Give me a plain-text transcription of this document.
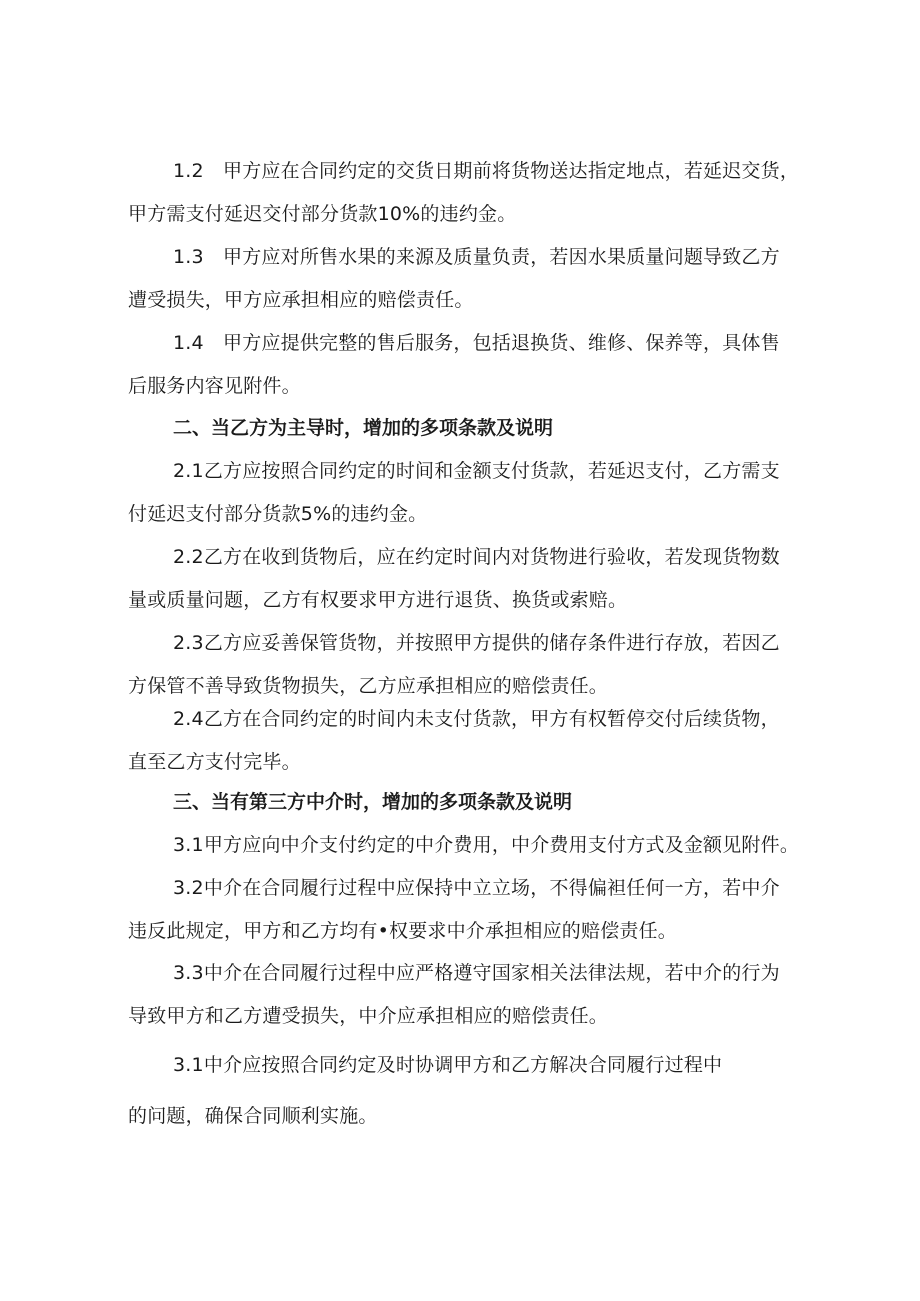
1.2　甲方应在合同约定的交货日期前将货物送达指定地点，若延迟交货，
甲方需支付延迟交付部分货款10%的违约金。
1.3　甲方应对所售水果的来源及质量负责，若因水果质量问题导致乙方
遭受损失，甲方应承担相应的赔偿责任。
1.4　甲方应提供完整的售后服务，包括退换货、维修、保养等，具体售
后服务内容见附件。
二、当乙方为主导时，增加的多项条款及说明
2.1乙方应按照合同约定的时间和金额支付货款，若延迟支付，乙方需支
付延迟支付部分货款5%的违约金。
2.2乙方在收到货物后，应在约定时间内对货物进行验收，若发现货物数
量或质量问题，乙方有权要求甲方进行退货、换货或索赔。
2.3乙方应妥善保管货物，并按照甲方提供的储存条件进行存放，若因乙
方保管不善导致货物损失，乙方应承担相应的赔偿责任。
2.4乙方在合同约定的时间内未支付货款，甲方有权暂停交付后续货物，
直至乙方支付完毕。
三、当有第三方中介时，增加的多项条款及说明
3.1甲方应向中介支付约定的中介费用，中介费用支付方式及金额见附件。
3.2中介在合同履行过程中应保持中立立场，不得偏袒任何一方，若中介
违反此规定，甲方和乙方均有•权要求中介承担相应的赔偿责任。
3.3中介在合同履行过程中应严格遵守国家相关法律法规，若中介的行为
导致甲方和乙方遭受损失，中介应承担相应的赔偿责任。
3.1中介应按照合同约定及时协调甲方和乙方解决合同履行过程中
的问题，确保合同顺利实施。
